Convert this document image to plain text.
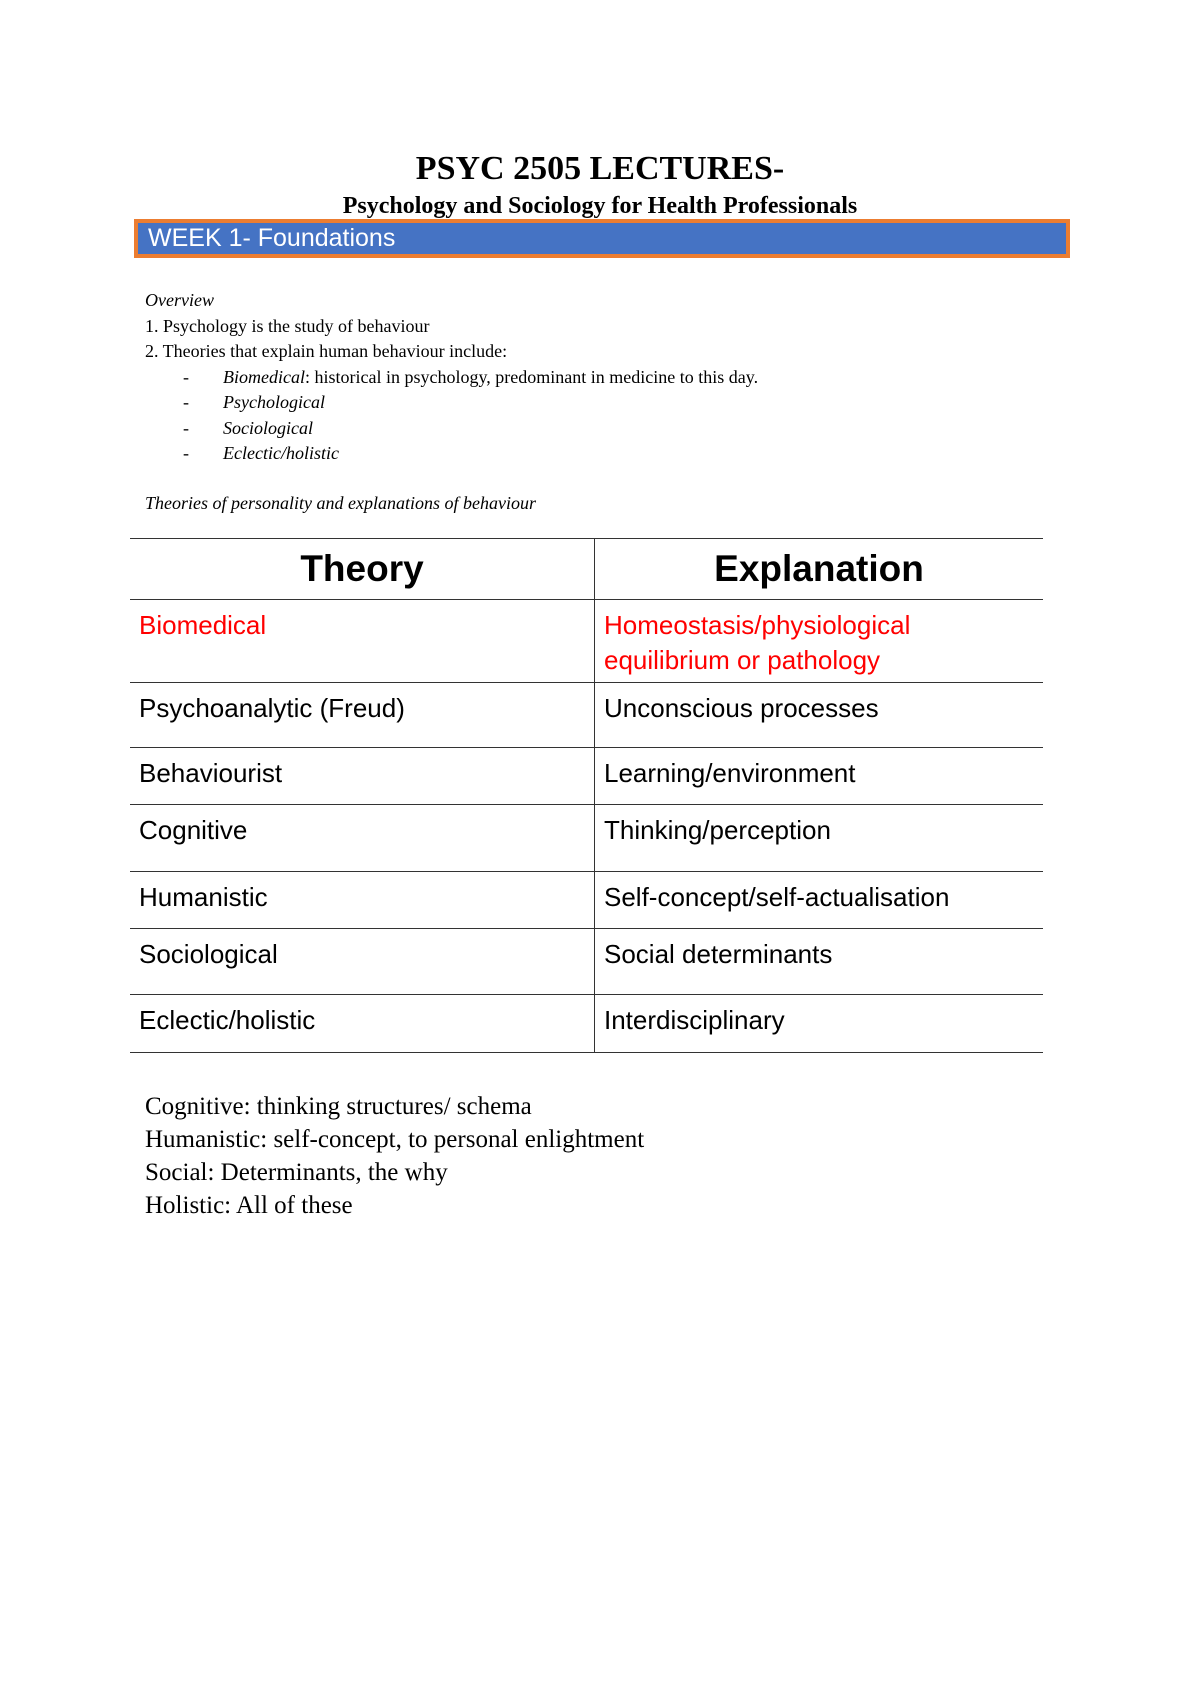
PSYC 2505 LECTURES-
Psychology and Sociology for Health Professionals
WEEK 1- Foundations
Overview
1. Psychology is the study of behaviour
2. Theories that explain human behaviour include:
- Biomedical: historical in psychology, predominant in medicine to this day.
- Psychological
- Sociological
- Eclectic/holistic
Theories of personality and explanations of behaviour
Theory	Explanation
Biomedical	Homeostasis/physiological equilibrium or pathology
Psychoanalytic (Freud)	Unconscious processes
Behaviourist	Learning/environment
Cognitive	Thinking/perception
Humanistic	Self-concept/self-actualisation
Sociological	Social determinants
Eclectic/holistic	Interdisciplinary
Cognitive: thinking structures/ schema
Humanistic: self-concept, to personal enlightment
Social: Determinants, the why
Holistic: All of these
